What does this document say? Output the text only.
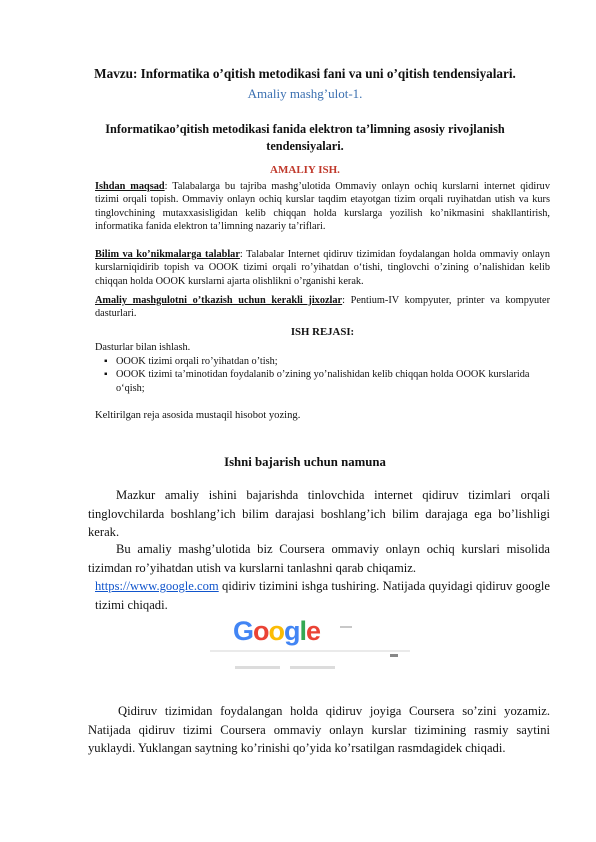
Mavzu: Informatika o’qitish metodikasi fani va uni o’qitish tendensiyalari.
Amaliy mashg’ulot-1.
Informatikao’qitish metodikasi fanida elektron ta’limning asosiy rivojlanish
tendensiyalari.
AMALIY ISH.
Ishdan maqsad: Talabalarga bu tajriba mashg’ulotida Ommaviy onlayn ochiq kurslarni internet qidiruv tizimi orqali topish. Ommaviy onlayn ochiq kurslar taqdim etayotgan tizim orqali ruyihatdan utish va kurs tinglovchining mutaxxasisligidan kelib chiqqan holda kurslarga yozilish ko’nikmasini shakllantirish, informatika fanida elektron ta’limning nazariy ta’riflari.
Bilim va ko’nikmalarga talablar: Talabalar Internet qidiruv tizimidan foydalangan holda ommaviy onlayn kurslarniqidirib topish va OOOK tizimi orqali ro’yihatdan o‘tishi, tinglovchi o’zining o’nalishidan kelib chiqqan holda OOOK kurslarni ajarta olishlikni o’rganishi kerak.
Amaliy mashgulotni o’tkazish uchun kerakli jixozlar: Pentium-IV kompyuter, printer va kompyuter dasturlari.
ISH REJASI:
Dasturlar bilan ishlash.
▪ OOOK tizimi orqali ro’yihatdan o’tish;
▪ OOOK tizimi ta’minotidan foydalanib o’zining yo’nalishidan kelib chiqqan holda OOOK kurslarida o‘qish;
Keltirilgan reja asosida mustaqil hisobot yozing.
Ishni bajarish uchun namuna
Mazkur amaliy ishini bajarishda tinlovchida internet qidiruv tizimlari orqali tinglovchilarda boshlang’ich bilim darajasi boshlang’ich bilim darajaga ega bo’lishligi kerak.
Bu amaliy mashg’ulotida biz Coursera ommaviy onlayn ochiq kurslari misolida tizimdan ro’yihatdan utish va kurslarni tanlashni qarab chiqamiz.
https://www.google.com qidiriv tizimini ishga tushiring. Natijada quyidagi qidiruv google tizimi chiqadi.
Google
Qidiruv tizimidan foydalangan holda qidiruv joyiga Coursera so’zini yozamiz. Natijada qidiruv tizimi Coursera ommaviy onlayn kurslar tizimining rasmiy saytini yuklaydi. Yuklangan saytning ko’rinishi qo’yida ko’rsatilgan rasmdagidek chiqadi.
